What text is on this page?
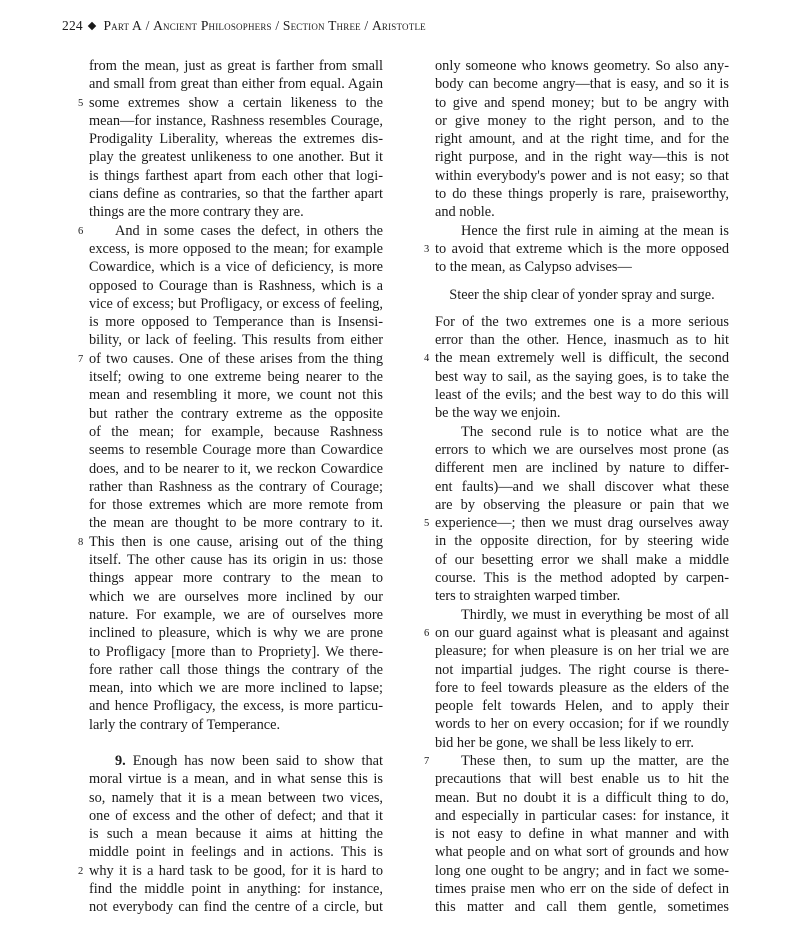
224 Part A / Ancient Philosophers / Section Three / Aristotle
from the mean, just as great is farther from small
and small from great than either from equal. Again
5 some extremes show a certain likeness to the
mean—for instance, Rashness resembles Courage,
Prodigality Liberality, whereas the extremes dis-
play the greatest unlikeness to one another. But it
is things farthest apart from each other that logi-
cians define as contraries, so that the farther apart
things are the more contrary they are.
6 And in some cases the defect, in others the
excess, is more opposed to the mean; for example
Cowardice, which is a vice of deficiency, is more
opposed to Courage than is Rashness, which is a
vice of excess; but Profligacy, or excess of feeling,
is more opposed to Temperance than is Insensi-
bility, or lack of feeling. This results from either
7 of two causes. One of these arises from the thing
itself; owing to one extreme being nearer to the
mean and resembling it more, we count not this
but rather the contrary extreme as the opposite
of the mean; for example, because Rashness
seems to resemble Courage more than Cowardice
does, and to be nearer to it, we reckon Cowardice
rather than Rashness as the contrary of Courage;
for those extremes which are more remote from
the mean are thought to be more contrary to it.
8 This then is one cause, arising out of the thing
itself. The other cause has its origin in us: those
things appear more contrary to the mean to
which we are ourselves more inclined by our
nature. For example, we are of ourselves more
inclined to pleasure, which is why we are prone
to Profligacy [more than to Propriety]. We there-
fore rather call those things the contrary of the
mean, into which we are more inclined to lapse;
and hence Profligacy, the excess, is more particu-
larly the contrary of Temperance.
9. Enough has now been said to show that
moral virtue is a mean, and in what sense this is
so, namely that it is a mean between two vices,
one of excess and the other of defect; and that it
is such a mean because it aims at hitting the
middle point in feelings and in actions. This is
2 why it is a hard task to be good, for it is hard to
find the middle point in anything: for instance,
not everybody can find the centre of a circle, but
only someone who knows geometry. So also any-
body can become angry—that is easy, and so it is
to give and spend money; but to be angry with
or give money to the right person, and to the
right amount, and at the right time, and for the
right purpose, and in the right way—this is not
within everybody's power and is not easy; so that
to do these things properly is rare, praiseworthy,
and noble.
Hence the first rule in aiming at the mean is
3 to avoid that extreme which is the more opposed
to the mean, as Calypso advises—
Steer the ship clear of yonder spray and surge.
For of the two extremes one is a more serious
error than the other. Hence, inasmuch as to hit
4 the mean extremely well is difficult, the second
best way to sail, as the saying goes, is to take the
least of the evils; and the best way to do this will
be the way we enjoin.
The second rule is to notice what are the
errors to which we are ourselves most prone (as
different men are inclined by nature to differ-
ent faults)—and we shall discover what these
are by observing the pleasure or pain that we
5 experience—; then we must drag ourselves away
in the opposite direction, for by steering wide
of our besetting error we shall make a middle
course. This is the method adopted by carpen-
ters to straighten warped timber.
Thirdly, we must in everything be most of all
6 on our guard against what is pleasant and against
pleasure; for when pleasure is on her trial we are
not impartial judges. The right course is there-
fore to feel towards pleasure as the elders of the
people felt towards Helen, and to apply their
words to her on every occasion; for if we roundly
bid her be gone, we shall be less likely to err.
7 These then, to sum up the matter, are the
precautions that will best enable us to hit the
mean. But no doubt it is a difficult thing to do,
and especially in particular cases: for instance, it
is not easy to define in what manner and with
what people and on what sort of grounds and how
long one ought to be angry; and in fact we some-
times praise men who err on the side of defect in
this matter and call them gentle, sometimes
